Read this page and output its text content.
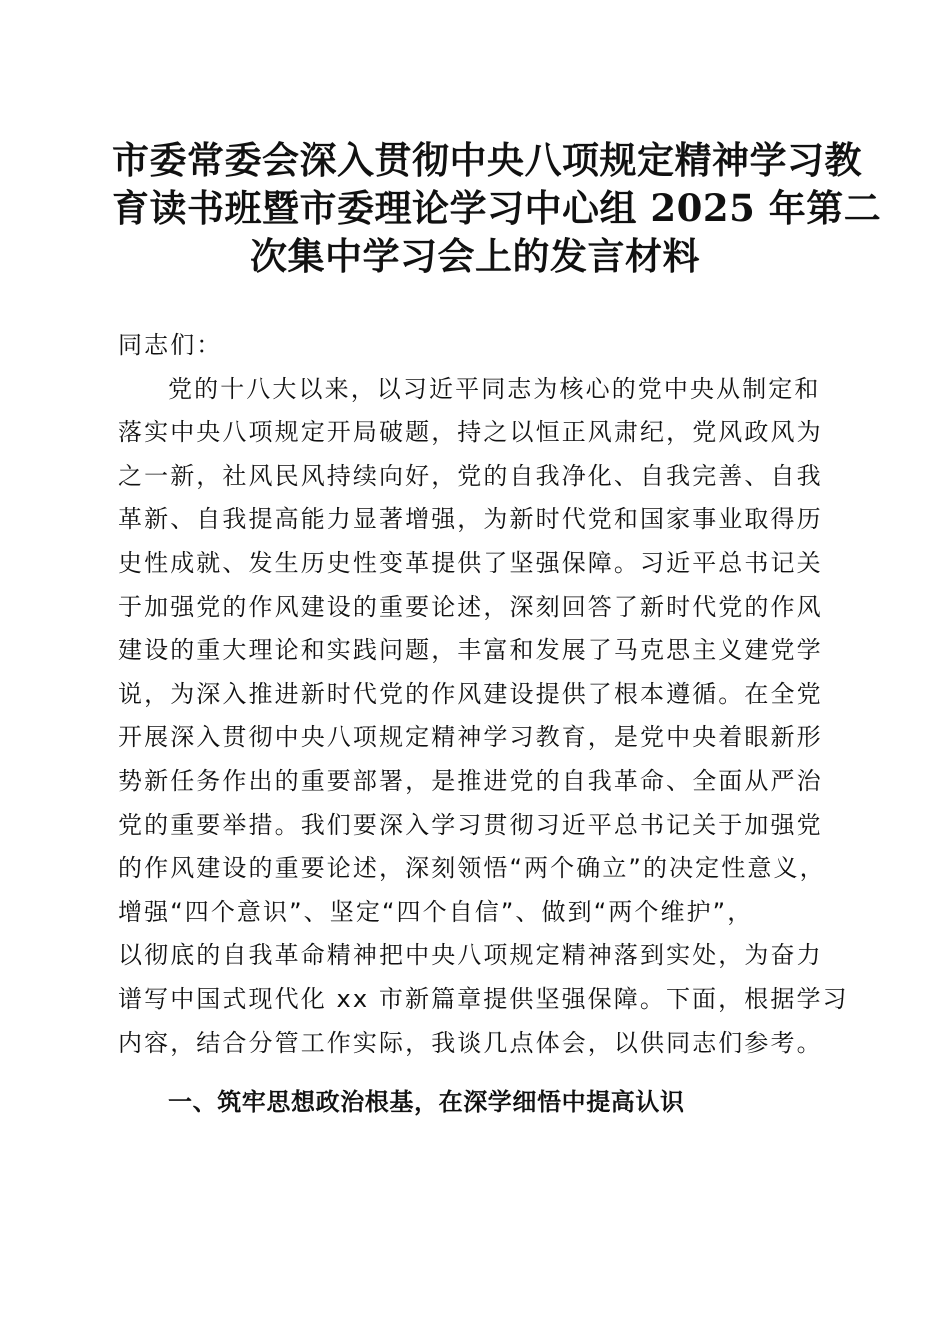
市委常委会深入贯彻中央八项规定精神学习教
育读书班暨市委理论学习中心组 2025 年第二
次集中学习会上的发言材料
同志们：
党的十八大以来，以习近平同志为核心的党中央从制定和
落实中央八项规定开局破题，持之以恒正风肃纪，党风政风为
之一新，社风民风持续向好，党的自我净化、自我完善、自我
革新、自我提高能力显著增强，为新时代党和国家事业取得历
史性成就、发生历史性变革提供了坚强保障。习近平总书记关
于加强党的作风建设的重要论述，深刻回答了新时代党的作风
建设的重大理论和实践问题，丰富和发展了马克思主义建党学
说，为深入推进新时代党的作风建设提供了根本遵循。在全党
开展深入贯彻中央八项规定精神学习教育，是党中央着眼新形
势新任务作出的重要部署，是推进党的自我革命、全面从严治
党的重要举措。我们要深入学习贯彻习近平总书记关于加强党
的作风建设的重要论述，深刻领悟“两个确立”的决定性意义，
增强“四个意识”、坚定“四个自信”、做到“两个维护”，
以彻底的自我革命精神把中央八项规定精神落到实处，为奋力
谱写中国式现代化 xx 市新篇章提供坚强保障。下面，根据学习
内容，结合分管工作实际，我谈几点体会，以供同志们参考。
一、筑牢思想政治根基，在深学细悟中提高认识
